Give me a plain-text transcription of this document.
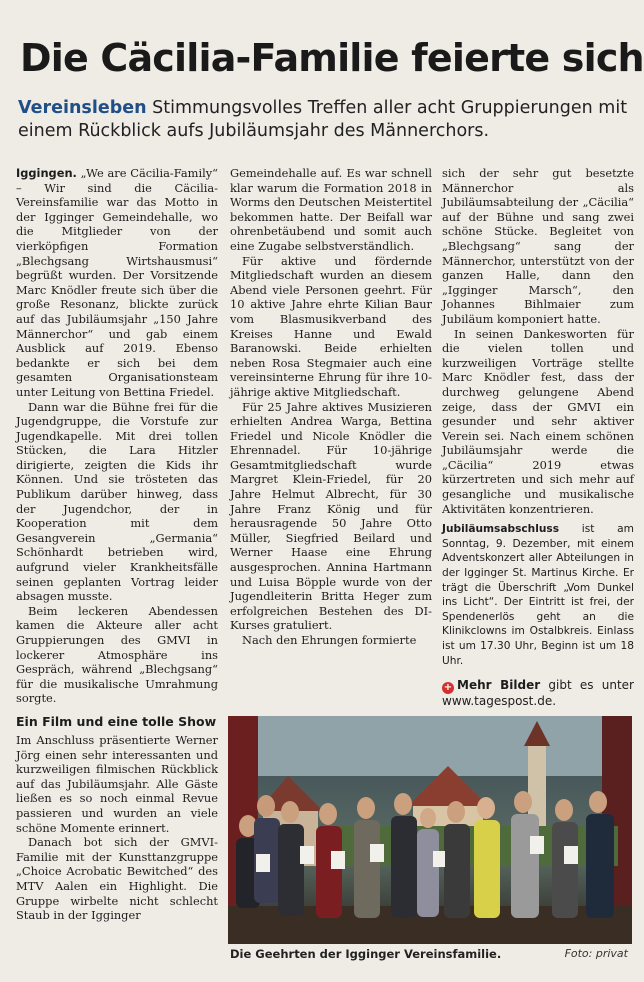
Die Cäcilia-Familie feierte sich
Vereinsleben Stimmungsvolles Treffen aller acht Gruppierungen mit einem Rückblick aufs Jubiläumsjahr des Männerchors.

Iggingen. „We are Cäcilia-Family“ – Wir sind die Cäcilia-Vereinsfamilie war das Motto in der Igginger Gemeindehalle, wo die Mitglieder von der vierköpfigen Formation „Blechgsang Wirtshausmusi“ begrüßt wurden. Der Vorsitzende Marc Knödler freute sich über die große Resonanz, blickte zurück auf das Jubiläumsjahr „150 Jahre Männerchor“ und gab einem Ausblick auf 2019. Ebenso bedankte er sich bei dem gesamten Organisationsteam unter Leitung von Bettina Friedel.

Dann war die Bühne frei für die Jugendgruppe, die Vorstufe zur Jugendkapelle. Mit drei tollen Stücken, die Lara Hitzler dirigierte, zeigten die Kids ihr Können. Und sie trösteten das Publikum darüber hinweg, dass der Jugendchor, der in Kooperation mit dem Gesangverein „Germania“ Schönhardt betrieben wird, aufgrund vieler Krankheitsfälle seinen geplanten Vortrag leider absagen musste.

Beim leckeren Abendessen kamen die Akteure aller acht Gruppierungen des GMVI in lockerer Atmosphäre ins Gespräch, während „Blechgsang“ für die musikalische Umrahmung sorgte.

Ein Film und eine tolle Show

Im Anschluss präsentierte Werner Jörg einen sehr interessanten und kurzweiligen filmischen Rückblick auf das Jubiläumsjahr. Alle Gäste ließen es so noch einmal Revue passieren und wurden an viele schöne Momente erinnert.

Danach bot sich der GMVI-Familie mit der Kunsttanzgruppe „Choice Acrobatic Bewitched“ des MTV Aalen ein Highlight. Die Gruppe wirbelte nicht schlecht Staub in der Igginger

Gemeindehalle auf. Es war schnell klar warum die Formation 2018 in Worms den Deutschen Meistertitel bekommen hatte. Der Beifall war ohrenbetäubend und somit auch eine Zugabe selbstverständlich.

Für aktive und fördernde Mitgliedschaft wurden an diesem Abend viele Personen geehrt. Für 10 aktive Jahre ehrte Kilian Baur vom Blasmusikverband des Kreises Hanne und Ewald Baranowski. Beide erhielten neben Rosa Stegmaier auch eine vereinsinterne Ehrung für ihre 10-jährige aktive Mitgliedschaft.

Für 25 Jahre aktives Musizieren erhielten Andrea Warga, Bettina Friedel und Nicole Knödler die Ehrennadel. Für 10-jährige Gesamtmitgliedschaft wurde Margret Klein-Friedel, für 20 Jahre Helmut Albrecht, für 30 Jahre Franz König und für herausragende 50 Jahre Otto Müller, Siegfried Beilard und Werner Haase eine Ehrung ausgesprochen. Annina Hartmann und Luisa Böpple wurde von der Jugendleiterin Britta Heger zum erfolgreichen Bestehen des DI-Kurses gratuliert.

Nach den Ehrungen formierte

sich der sehr gut besetzte Männerchor als Jubiläumsabteilung der „Cäcilia“ auf der Bühne und sang zwei schöne Stücke. Begleitet von „Blechgsang“ sang der Männerchor, unterstützt von der ganzen Halle, dann den „Igginger Marsch“, den Johannes Bihlmaier zum Jubiläum komponiert hatte.

In seinen Dankesworten für die vielen tollen und kurzweiligen Vorträge stellte Marc Knödler fest, dass der durchweg gelungene Abend zeige, dass der GMVI ein gesunder und sehr aktiver Verein sei. Nach einem schönen Jubiläumsjahr werde die „Cäcilia“ 2019 etwas kürzertreten und sich mehr auf gesangliche und musikalische Aktivitäten konzentrieren.

Jubiläumsabschluss ist am Sonntag, 9. Dezember, mit einem Adventskonzert aller Abteilungen in der Igginger St. Martinus Kirche. Er trägt die Überschrift „Vom Dunkel ins Licht“. Der Eintritt ist frei, der Spendenerlös geht an die Klinikclowns im Ostalbkreis. Einlass ist um 17.30 Uhr, Beginn ist um 18 Uhr.
+ Mehr Bilder gibt es unter www.tagespost.de.
Die Geehrten der Igginger Vereinsfamilie.	Foto: privat
